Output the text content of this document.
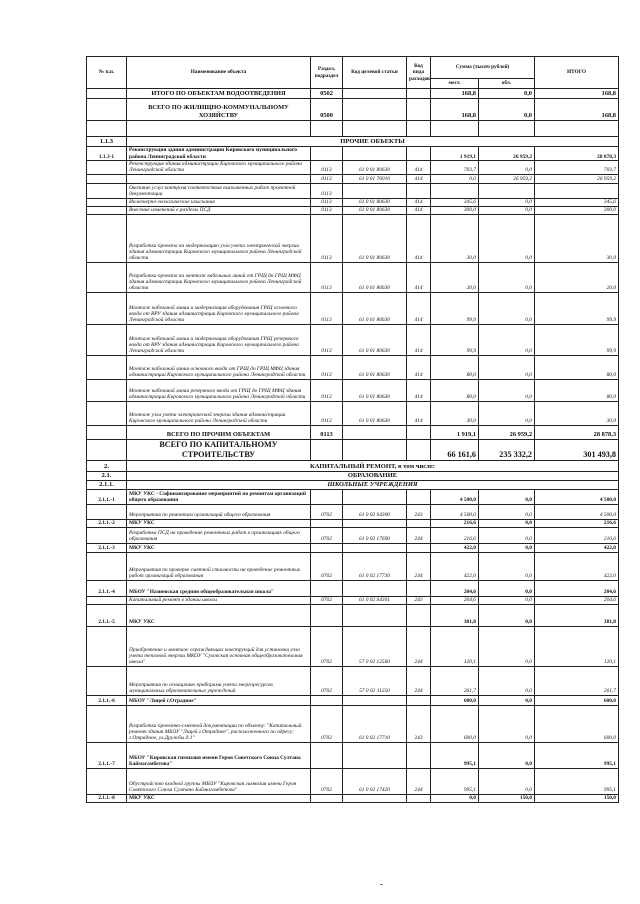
№ п.п.	Наименование объекта	Раздел, подраздел	Код целевой статьи	Код вида расходов	Сумма (тысяч рублей)		ИТОГО
					мест.	обл.	
	ИТОГО ПО ОБЪЕКТАМ ВОДООТВЕДЕНИЯ	0502			168,8	0,0	168,8
	ВСЕГО ПО ЖИЛИЩНО-КОММУНАЛЬНОМУ ХОЗЯЙСТВУ	0500			168,8	0,0	168,8

1.1.3	ПРОЧИЕ ОБЪЕКТЫ						
1.1.3-1	Реконструкция здания администрации Кировского муниципального района Ленинградской области				1 919,1	26 959,2	28 878,3
	Реконструкция здания администрации Кировского муниципального района Ленинградской области	0113	61 0 01 80630	414	703,7	0,0	703,7
		0113	61 0 01 70010	414	0,0	26 959,2	26 959,2
	Оказание услуг контроля соответствия выполненных работ проектной документации	0113					
	Инженерно-геологические изыскания	0113	61 0 01 80630	414	345,6	0,0	345,6
	Внесение изменений в разделы ПСД	0113	61 0 01 80630	414	300,0	0,0	300,0
	Разработка проекта на модернизацию узла учета электрической энергии здания администрации Кировского муниципального района Ленинградской области	0113	61 0 01 80630	414	30,0	0,0	30,0
	Разработка проекта на монтаж кабельных линий от ГРЩ до ГРЩ МФЦ здания администрации Кировского муниципального района Ленинградской области	0113	61 0 01 80630	414	20,0	0,0	20,0
	Монтаж кабельной линии и модернизация оборудования ГРЩ основного ввода от ВРУ здания администрации Кировского муниципального района Ленинградской области	0113	61 0 01 80630	414	99,9	0,0	99,9
	Монтаж кабельной линии и модернизация оборудования ГРЩ резервного ввода от ВРУ здания администрации Кировского муниципального района Ленинградской области	0113	61 0 01 80630	414	99,9	0,0	99,9
	Монтаж кабельной линии основного ввода от ГРЩ до ГРЩ МФЦ здания администрации Кировского муниципального района Ленинградской области	0113	61 0 01 80630	414	80,0	0,0	80,0
	Монтаж кабельной линии резервного ввода от ГРЩ до ГРЩ МФЦ здания администрации Кировского муниципального района Ленинградской области	0113	61 0 01 80630	414	80,0	0,0	80,0
	Монтаж узла учета электрической энергии здания администрации Кировского муниципального района Ленинградской области	0113	61 0 01 80630	414	30,0	0,0	30,0
	ВСЕГО ПО ПРОЧИМ ОБЪЕКТАМ	0113			1 919,1	26 959,2	28 878,3
	ВСЕГО ПО КАПИТАЛЬНОМУ СТРОИТЕЛЬСТВУ				66 161,6	235 332,2	301 493,8
2.	КАПИТАЛЬНЫЙ РЕМОНТ, в том числе:						
2.1.	ОБРАЗОВАНИЕ						
2.1.1.	ШКОЛЬНЫЕ УЧРЕЖДЕНИЯ						
2.1.1.-1	МКУ УКС - Софинансирование мероприятий по ремонтам организаций общего образования				4 500,0	0,0	4 500,0
	Мероприятия по ремонтам организаций общего образования	0702	61 0 02 S4300	243	4 500,0	0,0	4 500,0
2.1.1.-2	МКУ УКС				216,6	0,0	216,6
	Разработка ПСД на проведение ремонтных работ в организациях общего образования	0702	61 0 02 17690	244	216,6	0,0	216,6
2.1.1.-3	МКУ УКС				422,0	0,0	422,0
	Мероприятия по проверке сметной стоимости на проведение ремонтных работ организаций образования	0702	61 0 02 17730	244	422,0	0,0	422,0
2.1.1.-4	МБОУ "Назиевская средняя общеобразовательная школа"				204,6	0,0	204,6
	Капитальный ремонт в здании школы	0702	61 0 02 S4301	243	204,6	0,0	204,6
2.1.1.-5	МКУ УКС				381,8	0,0	381,8
	Приобретение и монтаж ограждающих конструкций для установки узла учета тепловой энергии МКОУ "Суховская основная общеобразовательная школа"	0702	57 0 02 12560	244	120,1	0,0	120,1
	Мероприятия по оснащению приборами учета энергоресурсов муниципальных образовательных учреждений	0702	57 0 02 11250	244	261,7	0,0	261,7
2.1.1.-6	МБОУ "Лицей г.Отрадное"				600,0	0,0	600,0
	Разработка проектно-сметной документации по объекту: "Капитальный ремонт здания МБОУ "Лицей г.Отрадное", расположенного по адресу: г.Отрадное, ул.Дружбы д.1"	0702	61 0 02 17710	243	600,0	0,0	600,0
2.1.1.-7	МБОУ "Кировская гимназия имени Героя Советского Союза Султана Баймагамбетова"				995,1	0,0	995,1
	Обустройство входной группы МБОУ "Кировская гимназия имени Героя Советского Союза Султана Баймагамбетова"	0702	61 0 02 17420	244	995,1	0,0	995,1
2.1.1.-8	МКУ УКС				0,0	150,0	150,0
